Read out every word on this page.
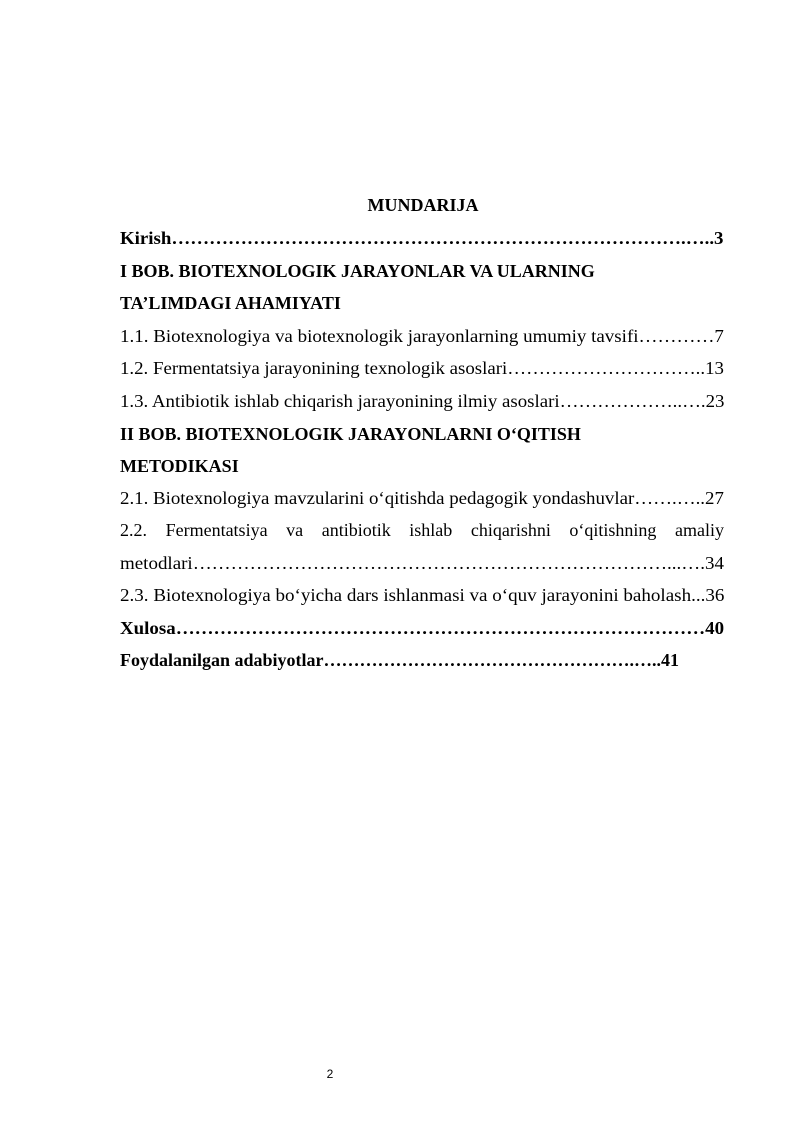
MUNDARIJA
Kirish……………………………………………………………………….…..3
I BOB. BIOTEXNOLOGIK JARAYONLAR VA ULARNING
TA’LIMDAGI AHAMIYATI
1.1. Biotexnologiya va biotexnologik jarayonlarning umumiy tavsifi…………7
1.2. Fermentatsiya jarayonining texnologik asoslari…………………………..13
1.3. Antibiotik ishlab chiqarish jarayonining ilmiy asoslari………………..….23
II BOB. BIOTEXNOLOGIK JARAYONLARNI O‘QITISH
METODIKASI
2.1. Biotexnologiya mavzularini o‘qitishda pedagogik yondashuvlar…….…..27
2.2. Fermentatsiya va antibiotik ishlab chiqarishni o‘qitishning amaliy
metodlari…………………………………………………………………...….34
2.3. Biotexnologiya bo‘yicha dars ishlanmasi va o‘quv jarayonini baholash...36
Xulosa…………………………………………………………………………40
Foydalanilgan adabiyotlar…………………………………………….…..41
2
